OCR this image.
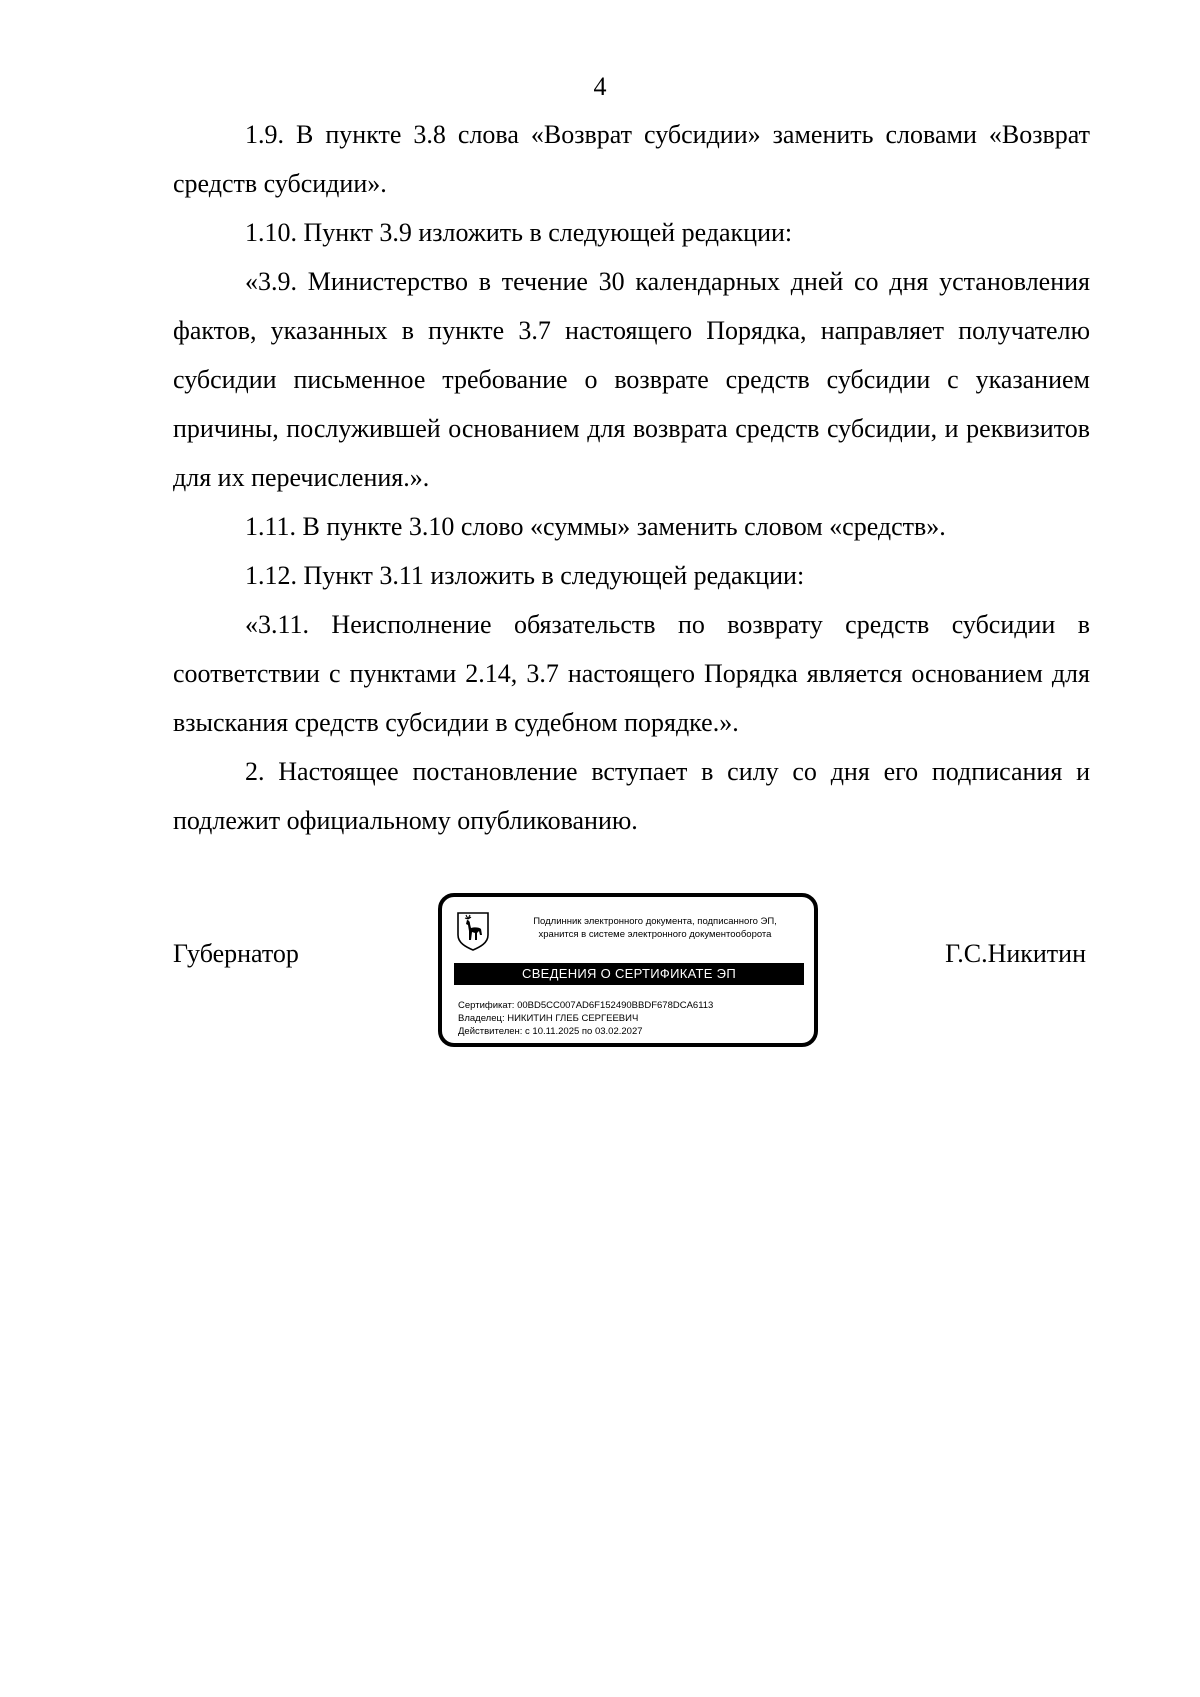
4

1.9. В пункте 3.8 слова «Возврат субсидии» заменить словами «Возврат средств субсидии».

1.10. Пункт 3.9 изложить в следующей редакции:

«3.9. Министерство в течение 30 календарных дней со дня установления фактов, указанных в пункте 3.7 настоящего Порядка, направляет получателю субсидии письменное требование о возврате средств субсидии с указанием причины, послужившей основанием для возврата средств субсидии, и реквизитов для их перечисления.».

1.11. В пункте 3.10 слово «суммы» заменить словом «средств».

1.12. Пункт 3.11 изложить в следующей редакции:

«3.11. Неисполнение обязательств по возврату средств субсидии в соответствии с пунктами 2.14, 3.7 настоящего Порядка является основанием для взыскания средств субсидии в судебном порядке.».

2. Настоящее постановление вступает в силу со дня его подписания и подлежит официальному опубликованию.

Губернатор
Подлинник электронного документа, подписанного ЭП,
хранится в системе электронного документооборота
СВЕДЕНИЯ О СЕРТИФИКАТЕ ЭП
Сертификат: 00BD5CC007AD6F152490BBDF678DCA6113
Владелец: НИКИТИН ГЛЕБ СЕРГЕЕВИЧ
Действителен: с 10.11.2025 по 03.02.2027
Г.С.Никитин
